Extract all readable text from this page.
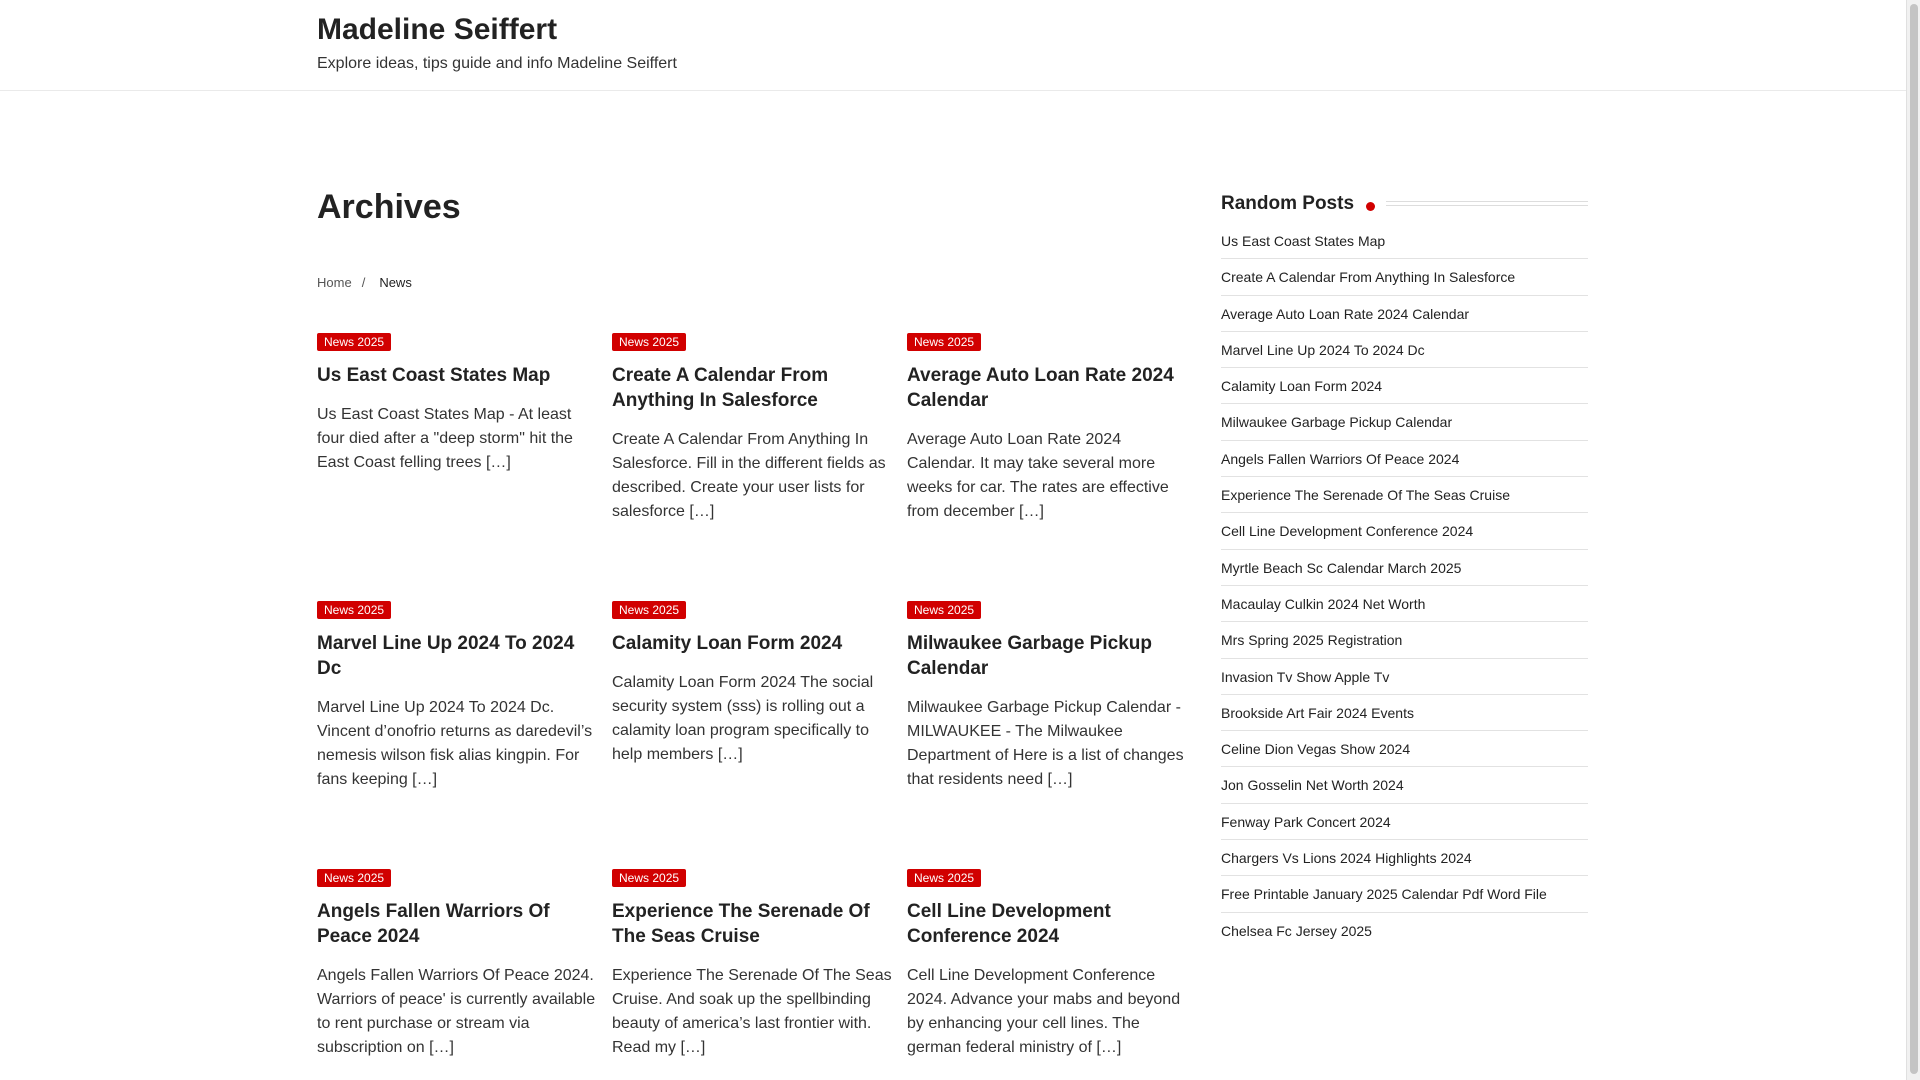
Madeline Seiffert
Explore ideas, tips guide and info Madeline Seiffert
Archives
Home / News
News 2025
Us East Coast States Map

Us East Coast States Map - At least four died after a "deep storm" hit the East Coast felling trees […]

News 2025
Create A Calendar From Anything In Salesforce

Create A Calendar From Anything In Salesforce. Fill in the different fields as described. Create your user lists for salesforce […]

News 2025
Average Auto Loan Rate 2024 Calendar

Average Auto Loan Rate 2024 Calendar. It may take several more weeks for car. The rates are effective from december […]

News 2025
Marvel Line Up 2024 To 2024 Dc

Marvel Line Up 2024 To 2024 Dc. Vincent d’onofrio returns as daredevil’s nemesis wilson fisk alias kingpin. For fans keeping […]

News 2025
Calamity Loan Form 2024

Calamity Loan Form 2024 The social security system (sss) is rolling out a calamity loan program specifically to help members […]

News 2025
Milwaukee Garbage Pickup Calendar

Milwaukee Garbage Pickup Calendar - MILWAUKEE - The Milwaukee Department of Here is a list of changes that residents need […]

News 2025
Angels Fallen Warriors Of Peace 2024

Angels Fallen Warriors Of Peace 2024. Warriors of peace' is currently available to rent purchase or stream via subscription on […]

News 2025
Experience The Serenade Of The Seas Cruise

Experience The Serenade Of The Seas Cruise. And soak up the spellbinding beauty of america’s last frontier with. Read my […]

News 2025
Cell Line Development Conference 2024

Cell Line Development Conference 2024. Advance your mabs and beyond by enhancing your cell lines. The german federal ministry of […]

Random Posts
Us East Coast States Map
Create A Calendar From Anything In Salesforce
Average Auto Loan Rate 2024 Calendar
Marvel Line Up 2024 To 2024 Dc
Calamity Loan Form 2024
Milwaukee Garbage Pickup Calendar
Angels Fallen Warriors Of Peace 2024
Experience The Serenade Of The Seas Cruise
Cell Line Development Conference 2024
Myrtle Beach Sc Calendar March 2025
Macaulay Culkin 2024 Net Worth
Mrs Spring 2025 Registration
Invasion Tv Show Apple Tv
Brookside Art Fair 2024 Events
Celine Dion Vegas Show 2024
Jon Gosselin Net Worth 2024
Fenway Park Concert 2024
Chargers Vs Lions 2024 Highlights 2024
Free Printable January 2025 Calendar Pdf Word File
Chelsea Fc Jersey 2025
